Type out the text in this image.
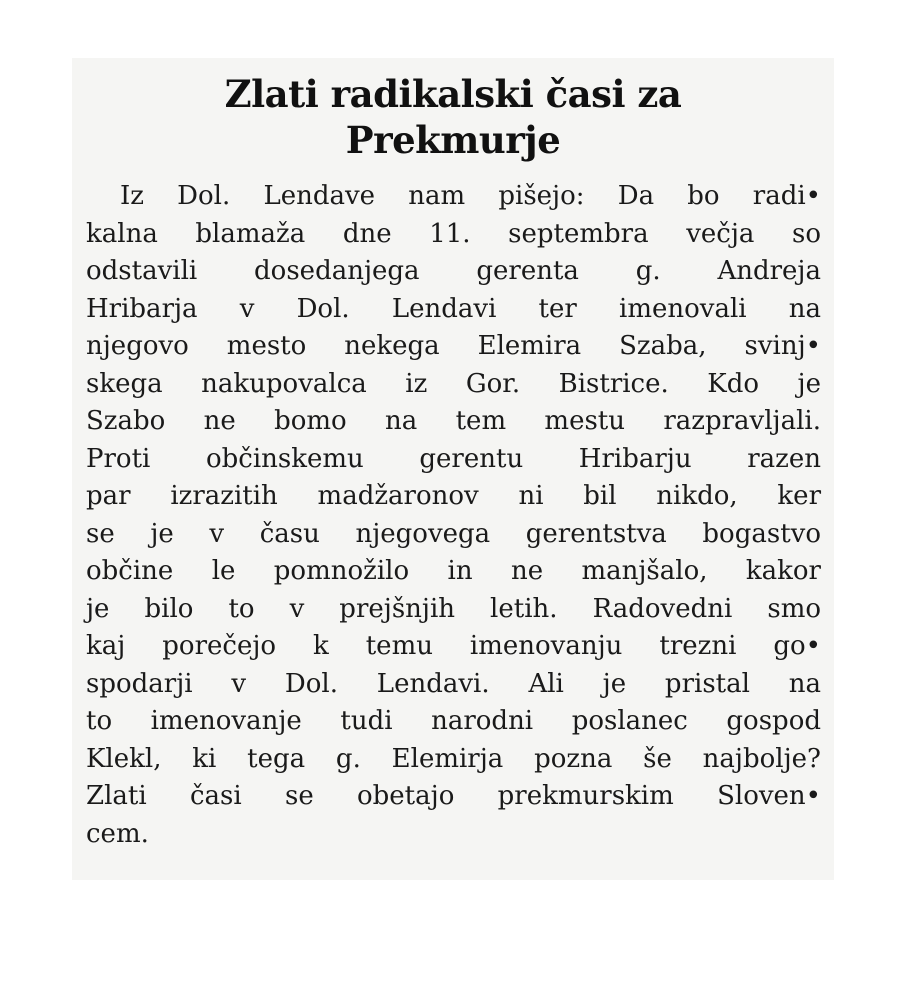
Zlati radikalski časi za
Prekmurje
Iz Dol. Lendave nam pišejo: Da bo radi•
kalna blamaža dne 11. septembra večja so
odstavili dosedanjega gerenta g. Andreja
Hribarja v Dol. Lendavi ter imenovali na
njegovo mesto nekega Elemira Szaba, svinj•
skega nakupovalca iz Gor. Bistrice. Kdo je
Szabo ne bomo na tem mestu razpravljali.
Proti občinskemu gerentu Hribarju razen
par izrazitih madžaronov ni bil nikdo, ker
se je v času njegovega gerentstva bogastvo
občine le pomnožilo in ne manjšalo, kakor
je bilo to v prejšnjih letih. Radovedni smo
kaj porečejo k temu imenovanju trezni go•
spodarji v Dol. Lendavi. Ali je pristal na
to imenovanje tudi narodni poslanec gospod
Klekl, ki tega g. Elemirja pozna še najbolje?
Zlati časi se obetajo prekmurskim Sloven•
cem.
